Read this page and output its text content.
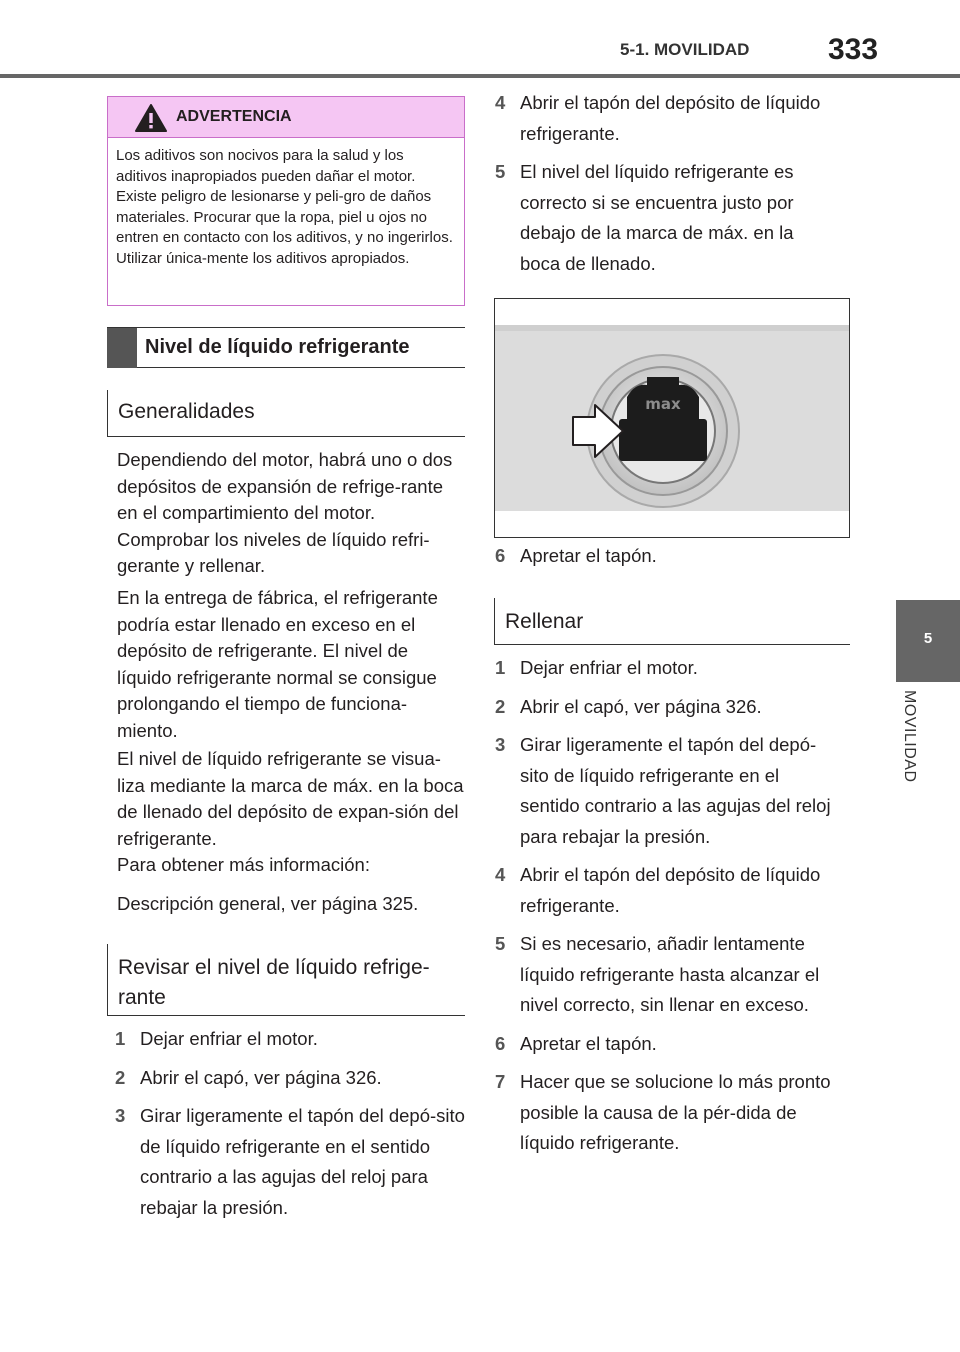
5-1. MOVILIDAD	333
5
MOVILIDAD
ADVERTENCIA
Los aditivos son nocivos para la salud y los aditivos inapropiados pueden dañar el motor. Existe peligro de lesionarse y peli-gro de daños materiales. Procurar que la ropa, piel u ojos no entren en contacto con los aditivos, y no ingerirlos. Utilizar única-mente los aditivos apropiados.
Nivel de líquido refrigerante
Generalidades
Dependiendo del motor, habrá uno o dos depósitos de expansión de refrige-rante en el compartimiento del motor. Comprobar los niveles de líquido refri-gerante y rellenar.
En la entrega de fábrica, el refrigerante podría estar llenado en exceso en el depósito de refrigerante. El nivel de líquido refrigerante normal se consigue prolongando el tiempo de funciona-miento.
El nivel de líquido refrigerante se visua-liza mediante la marca de máx. en la boca de llenado del depósito de expan-sión del refrigerante.
Para obtener más información:
Descripción general, ver página 325.
Revisar el nivel de líquido refrige-rante
1 Dejar enfriar el motor.
2 Abrir el capó, ver página 326.
3 Girar ligeramente el tapón del depó-sito de líquido refrigerante en el sentido contrario a las agujas del reloj para rebajar la presión.
4 Abrir el tapón del depósito de líquido refrigerante.
5 El nivel del líquido refrigerante es correcto si se encuentra justo por debajo de la marca de máx. en la boca de llenado.
max
6 Apretar el tapón.
Rellenar
1 Dejar enfriar el motor.
2 Abrir el capó, ver página 326.
3 Girar ligeramente el tapón del depó-sito de líquido refrigerante en el sentido contrario a las agujas del reloj para rebajar la presión.
4 Abrir el tapón del depósito de líquido refrigerante.
5 Si es necesario, añadir lentamente líquido refrigerante hasta alcanzar el nivel correcto, sin llenar en exceso.
6 Apretar el tapón.
7 Hacer que se solucione lo más pronto posible la causa de la pér-dida de líquido refrigerante.
